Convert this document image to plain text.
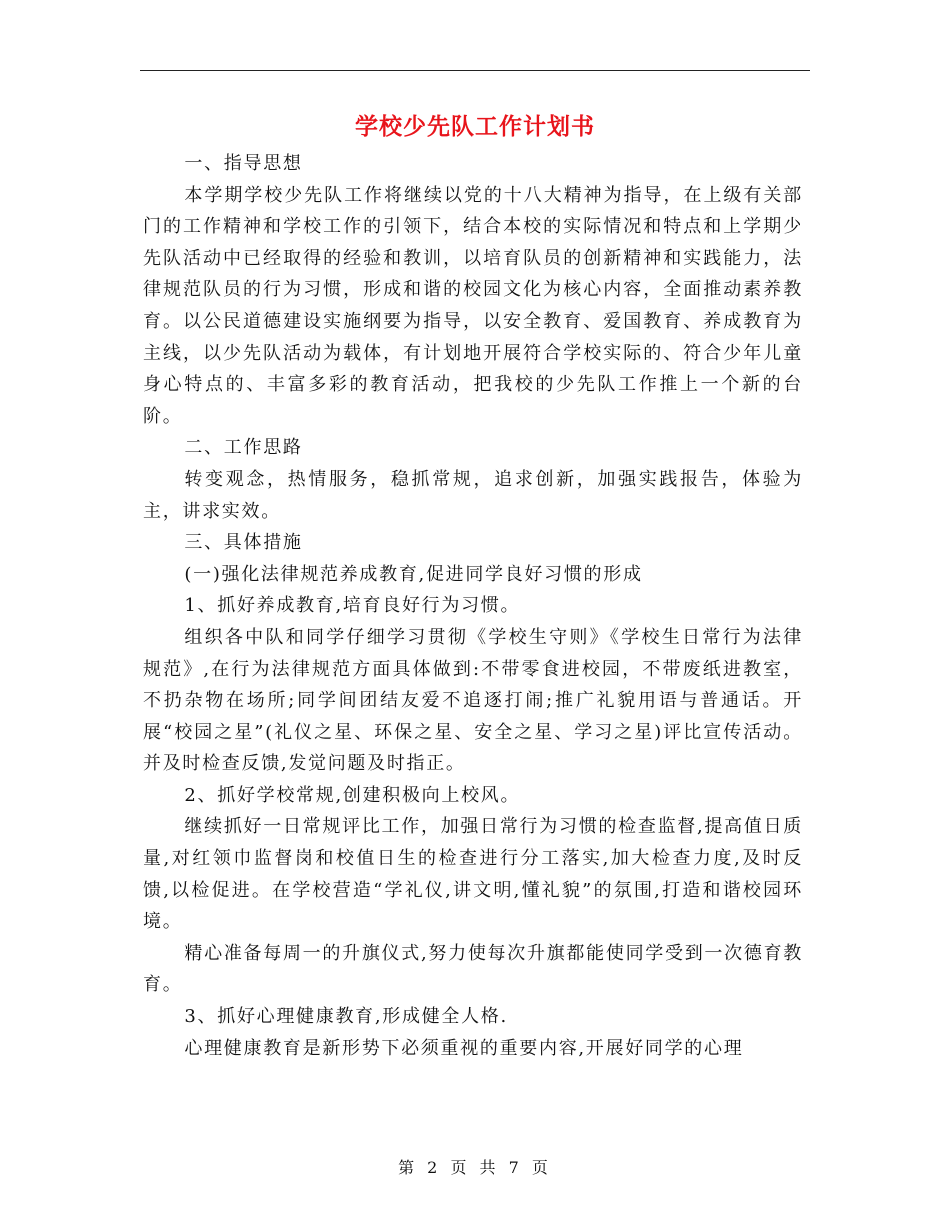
学校少先队工作计划书

一、指导思想

本学期学校少先队工作将继续以党的十八大精神为指导，在上级有关部门的工作精神和学校工作的引领下，结合本校的实际情况和特点和上学期少先队活动中已经取得的经验和教训，以培育队员的创新精神和实践能力，法律规范队员的行为习惯，形成和谐的校园文化为核心内容，全面推动素养教育。以公民道德建设实施纲要为指导，以安全教育、爱国教育、养成教育为主线，以少先队活动为载体，有计划地开展符合学校实际的、符合少年儿童身心特点的、丰富多彩的教育活动，把我校的少先队工作推上一个新的台阶。

二、工作思路

转变观念，热情服务，稳抓常规，追求创新，加强实践报告，体验为主，讲求实效。

三、具体措施

(一)强化法律规范养成教育,促进同学良好习惯的形成

1、抓好养成教育,培育良好行为习惯。

组织各中队和同学仔细学习贯彻《学校生守则》《学校生日常行为法律规范》,在行为法律规范方面具体做到:不带零食进校园，不带废纸进教室，不扔杂物在场所;同学间团结友爱不追逐打闹;推广礼貌用语与普通话。开展“校园之星”(礼仪之星、环保之星、安全之星、学习之星)评比宣传活动。并及时检查反馈,发觉问题及时指正。

2、抓好学校常规,创建积极向上校风。

继续抓好一日常规评比工作，加强日常行为习惯的检查监督,提高值日质量,对红领巾监督岗和校值日生的检查进行分工落实,加大检查力度,及时反馈,以检促进。在学校营造“学礼仪,讲文明,懂礼貌”的氛围,打造和谐校园环境。

精心准备每周一的升旗仪式,努力使每次升旗都能使同学受到一次德育教育。

3、抓好心理健康教育,形成健全人格.

心理健康教育是新形势下必须重视的重要内容,开展好同学的心理

第 2 页 共 7 页
